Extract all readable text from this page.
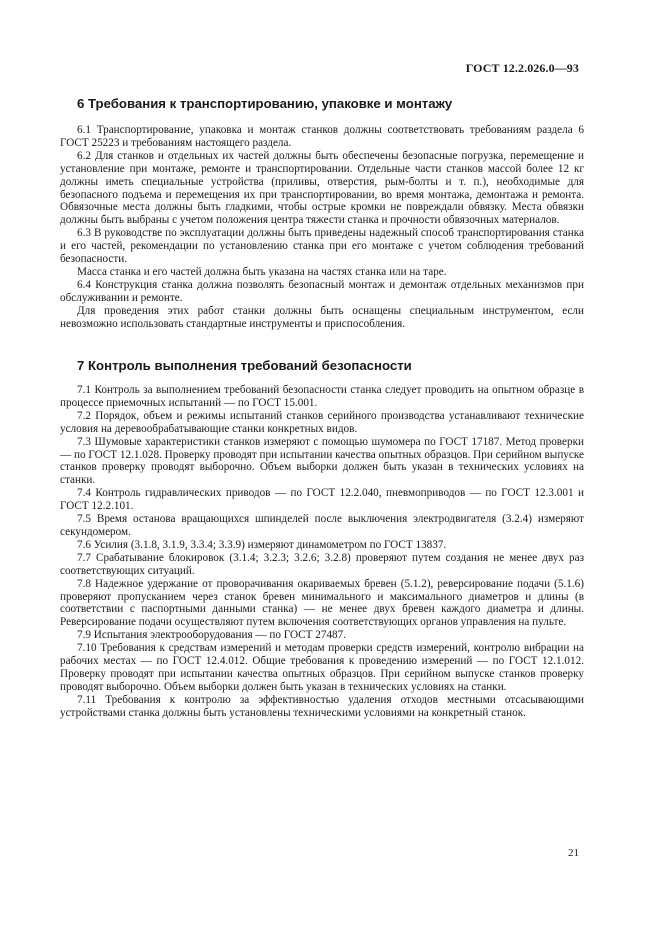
ГОСТ 12.2.026.0—93
6 Требования к транспортированию, упаковке и монтажу

6.1 Транспортирование, упаковка и монтаж станков должны соответствовать требованиям раздела 6 ГОСТ 25223 и требованиям настоящего раздела.

6.2 Для станков и отдельных их частей должны быть обеспечены безопасные погрузка, перемещение и установление при монтаже, ремонте и транспортировании. Отдельные части станков массой более 12 кг должны иметь специальные устройства (приливы, отверстия, рым-болты и т. п.), необходимые для безопасного подъема и перемещения их при транспортировании, во время монтажа, демонтажа и ремонта. Обвязочные места должны быть гладкими, чтобы острые кромки не повреждали обвязку. Места обвязки должны быть выбраны с учетом положения центра тяжести станка и прочности обвязочных материалов.

6.3 В руководстве по эксплуатации должны быть приведены надежный способ транспортирования станка и его частей, рекомендации по установлению станка при его монтаже с учетом соблюдения требований безопасности.

Масса станка и его частей должна быть указана на частях станка или на таре.

6.4 Конструкция станка должна позволять безопасный монтаж и демонтаж отдельных механизмов при обслуживании и ремонте.

Для проведения этих работ станки должны быть оснащены специальным инструментом, если невозможно использовать стандартные инструменты и приспособления.

7 Контроль выполнения требований безопасности

7.1 Контроль за выполнением требований безопасности станка следует проводить на опытном образце в процессе приемочных испытаний — по ГОСТ 15.001.

7.2 Порядок, объем и режимы испытаний станков серийного производства устанавливают технические условия на деревообрабатывающие станки конкретных видов.

7.3 Шумовые характеристики станков измеряют с помощью шумомера по ГОСТ 17187. Метод проверки — по ГОСТ 12.1.028. Проверку проводят при испытании качества опытных образцов. При серийном выпуске станков проверку проводят выборочно. Объем выборки должен быть указан в технических условиях на станки.

7.4 Контроль гидравлических приводов — по ГОСТ 12.2.040, пневмоприводов — по ГОСТ 12.3.001 и ГОСТ 12.2.101.

7.5 Время останова вращающихся шпинделей после выключения электродвигателя (3.2.4) измеряют секундомером.

7.6 Усилия (3.1.8, 3.1.9, 3.3.4; 3.3.9) измеряют динамометром по ГОСТ 13837.

7.7 Срабатывание блокировок (3.1.4; 3.2.3; 3.2.6; 3.2.8) проверяют путем создания не менее двух раз соответствующих ситуаций.

7.8 Надежное удержание от проворачивания окариваемых бревен (5.1.2), реверсирование подачи (5.1.6) проверяют пропусканием через станок бревен минимального и максимального диаметров и длины (в соответствии с паспортными данными станка) — не менее двух бревен каждого диаметра и длины. Реверсирование подачи осуществляют путем включения соответствующих органов управления на пульте.

7.9 Испытания электрооборудования — по ГОСТ 27487.

7.10 Требования к средствам измерений и методам проверки средств измерений, контролю вибрации на рабочих местах — по ГОСТ 12.4.012. Общие требования к проведению измерений — по ГОСТ 12.1.012. Проверку проводят при испытании качества опытных образцов. При серийном выпуске станков проверку проводят выборочно. Объем выборки должен быть указан в технических условиях на станки.

7.11 Требования к контролю за эффективностью удаления отходов местными отсасывающими устройствами станка должны быть установлены техническими условиями на конкретный станок.

21
